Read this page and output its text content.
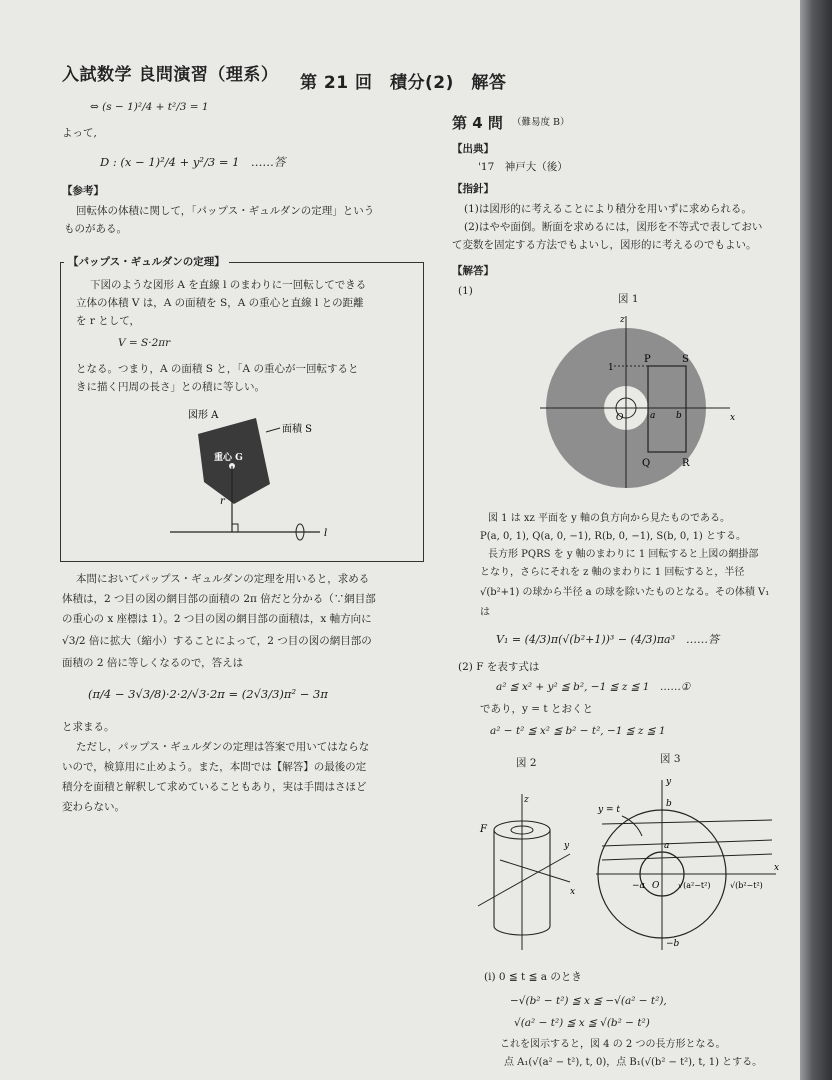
入試数学 良問演習（理系） 第 21 回　積分(2)　解答
⇔ (s − 1)²/4 + t²/3 = 1
よって,
D : (x − 1)²/4 + y²/3 = 1　……答
【参考】
回転体の体積に関して，「パップス・ギュルダンの定理」という
ものがある。
【パップス・ギュルダンの定理】
下図のような図形 A を直線 l のまわりに一回転してできる
立体の体積 V は，A の面積を S，A の重心と直線 l との距離
を r として，
V = S·2πr
となる。つまり，A の面積 S と，「A の重心が一回転すると
きに描く円周の長さ」との積に等しい。
図形 A
面積 S
重心 G
r
l
本問においてパップス・ギュルダンの定理を用いると，求める
体積は，2 つ目の図の網目部の面積の 2π 倍だと分かる（∵網目部
の重心の x 座標は 1）。2 つ目の図の網目部の面積は，x 軸方向に
√3/2 倍に拡大（縮小）することによって，2 つ目の図の網目部の
面積の 2 倍に等しくなるので，答えは
(π/4 − 3√3/8)·2·2/√3·2π = (2√3/3)π² − 3π
と求まる。
ただし，パップス・ギュルダンの定理は答案で用いてはならな
いので，検算用に止めよう。また，本問では【解答】の最後の定
積分を面積と解釈して求めていることもあり，実は手間はさほど
変わらない。
第 4 問 （難易度 B）
【出典】
'17　神戸大（後）
【指針】
(1)は図形的に考えることにより積分を用いずに求められる。
(2)はやや面倒。断面を求めるには，図形を不等式で表しておい
て変数を固定する方法でもよいし，図形的に考えるのでもよい。
【解答】
(1)
図 1
z
x
P	S
Q	R
1
O	a b
図 1 は xz 平面を y 軸の負方向から見たものである。
P(a, 0, 1), Q(a, 0, −1), R(b, 0, −1), S(b, 0, 1) とする。
長方形 PQRS を y 軸のまわりに 1 回転すると上図の網掛部
となり，さらにそれを z 軸のまわりに 1 回転すると，半径
√(b²+1) の球から半径 a の球を除いたものとなる。その体積 V₁
は
V₁ = (4/3)π(√(b²+1))³ − (4/3)πa³　……答
(2) F を表す式は
a² ≦ x² + y² ≦ b², −1 ≦ z ≦ 1　……①
であり，y = t とおくと
a² − t² ≦ x² ≦ b² − t², −1 ≦ z ≦ 1
図 2	図 3
z
y
x
F
y
x
y = t
b
a
O
−a
−b
√(a²−t²) √(b²−t²)
(i) 0 ≦ t ≦ a のとき
−√(b² − t²) ≦ x ≦ −√(a² − t²),
√(a² − t²) ≦ x ≦ √(b² − t²)
これを図示すると，図 4 の 2 つの長方形となる。
点 A₁(√(a² − t²), t, 0)，点 B₁(√(b² − t²), t, 1) とする。
